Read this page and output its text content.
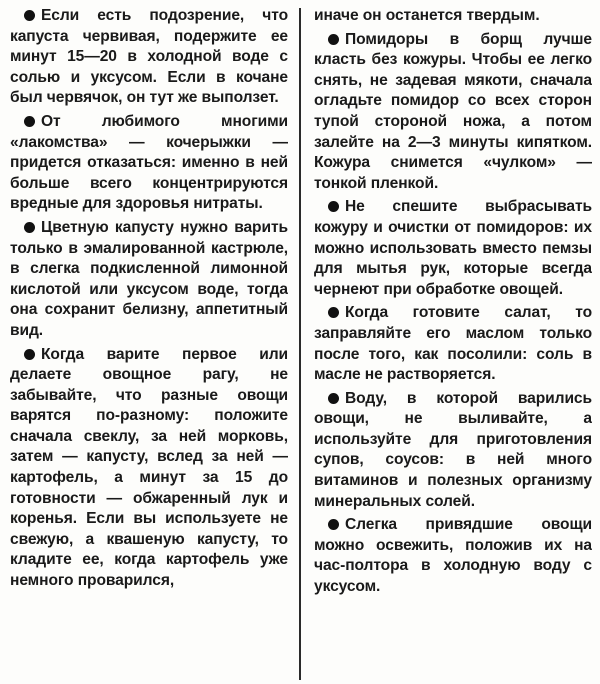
Если есть подозрение, что капуста червивая, подержите ее минут 15—20 в холодной воде с солью и уксусом. Если в кочане был червячок, он тут же выползет.

От любимого многими «лакомства» — кочерыжки — придется отказаться: именно в ней больше всего концентрируются вредные для здоровья нитраты.

Цветную капусту нужно варить только в эмалированной кастрюле, в слегка подкисленной лимонной кислотой или уксусом воде, тогда она сохранит белизну, аппетитный вид.

Когда варите первое или делаете овощное рагу, не забывайте, что разные овощи варятся по-разному: положите сначала свеклу, за ней морковь, затем — капусту, вслед за ней — картофель, а минут за 15 до готовности — обжаренный лук и коренья. Если вы используете не свежую, а квашеную капусту, то кладите ее, когда картофель уже немного проварился,

иначе он останется твердым.

Помидоры в борщ лучше класть без кожуры. Чтобы ее легко снять, не задевая мякоти, сначала огладьте помидор со всех сторон тупой стороной ножа, а потом залейте на 2—3 минуты кипятком. Кожура снимется «чулком» — тонкой пленкой.

Не спешите выбрасывать кожуру и очистки от помидоров: их можно использовать вместо пемзы для мытья рук, которые всегда чернеют при обработке овощей.

Когда готовите салат, то заправляйте его маслом только после того, как посолили: соль в масле не растворяется.

Воду, в которой варились овощи, не выливайте, а используйте для приготовления супов, соусов: в ней много витаминов и полезных организму минеральных солей.

Слегка привядшие овощи можно освежить, положив их на час-полтора в холодную воду с уксусом.
